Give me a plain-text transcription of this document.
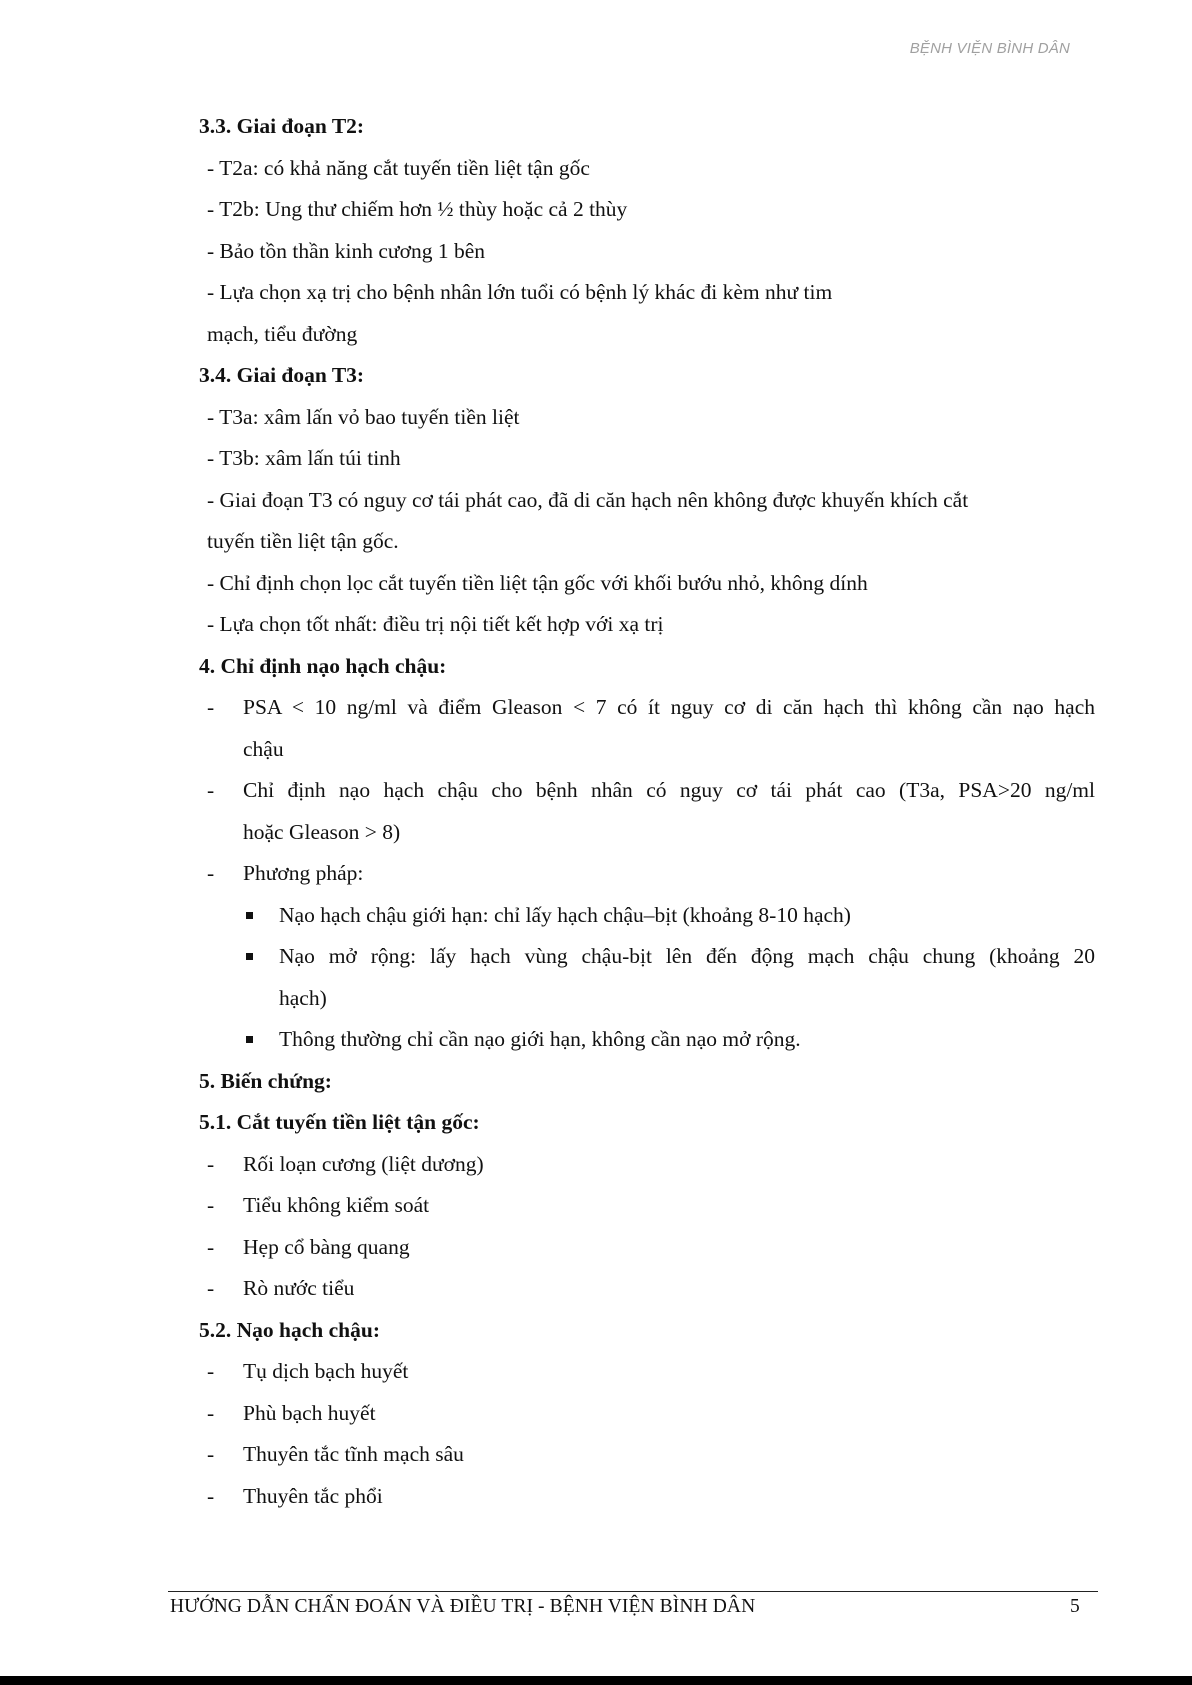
BỆNH VIỆN BÌNH DÂN
3.3. Giai đoạn T2:
- T2a: có khả năng cắt tuyến tiền liệt tận gốc
- T2b: Ung thư chiếm hơn ½ thùy hoặc cả 2 thùy
- Bảo tồn thần kinh cương 1 bên
- Lựa chọn xạ trị cho bệnh nhân lớn tuổi có bệnh lý khác đi kèm như tim
mạch, tiểu đường
3.4. Giai đoạn T3:
- T3a: xâm lấn vỏ bao tuyến tiền liệt
- T3b: xâm lấn túi tinh
- Giai đoạn T3 có nguy cơ tái phát cao, đã di căn hạch nên không được khuyến khích cắt
tuyến tiền liệt tận gốc.
- Chỉ định chọn lọc cắt tuyến tiền liệt tận gốc với khối bướu nhỏ, không dính
- Lựa chọn tốt nhất: điều trị nội tiết kết hợp với xạ trị
4. Chỉ định nạo hạch chậu:
- PSA < 10 ng/ml và điểm Gleason < 7 có ít nguy cơ di căn hạch thì không cần nạo hạch
chậu
- Chỉ định nạo hạch chậu cho bệnh nhân có nguy cơ tái phát cao (T3a, PSA>20 ng/ml
hoặc Gleason > 8)
- Phương pháp:
Nạo hạch chậu giới hạn: chỉ lấy hạch chậu–bịt (khoảng 8-10 hạch)
Nạo mở rộng: lấy hạch vùng chậu-bịt lên đến động mạch chậu chung (khoảng 20
hạch)
Thông thường chỉ cần nạo giới hạn, không cần nạo mở rộng.
5. Biến chứng:
5.1. Cắt tuyến tiền liệt tận gốc:
- Rối loạn cương (liệt dương)
- Tiểu không kiểm soát
- Hẹp cổ bàng quang
- Rò nước tiểu
5.2. Nạo hạch chậu:
- Tụ dịch bạch huyết
- Phù bạch huyết
- Thuyên tắc tĩnh mạch sâu
- Thuyên tắc phổi
HƯỚNG DẪN CHẨN ĐOÁN VÀ ĐIỀU TRỊ - BỆNH VIỆN BÌNH DÂN	5
